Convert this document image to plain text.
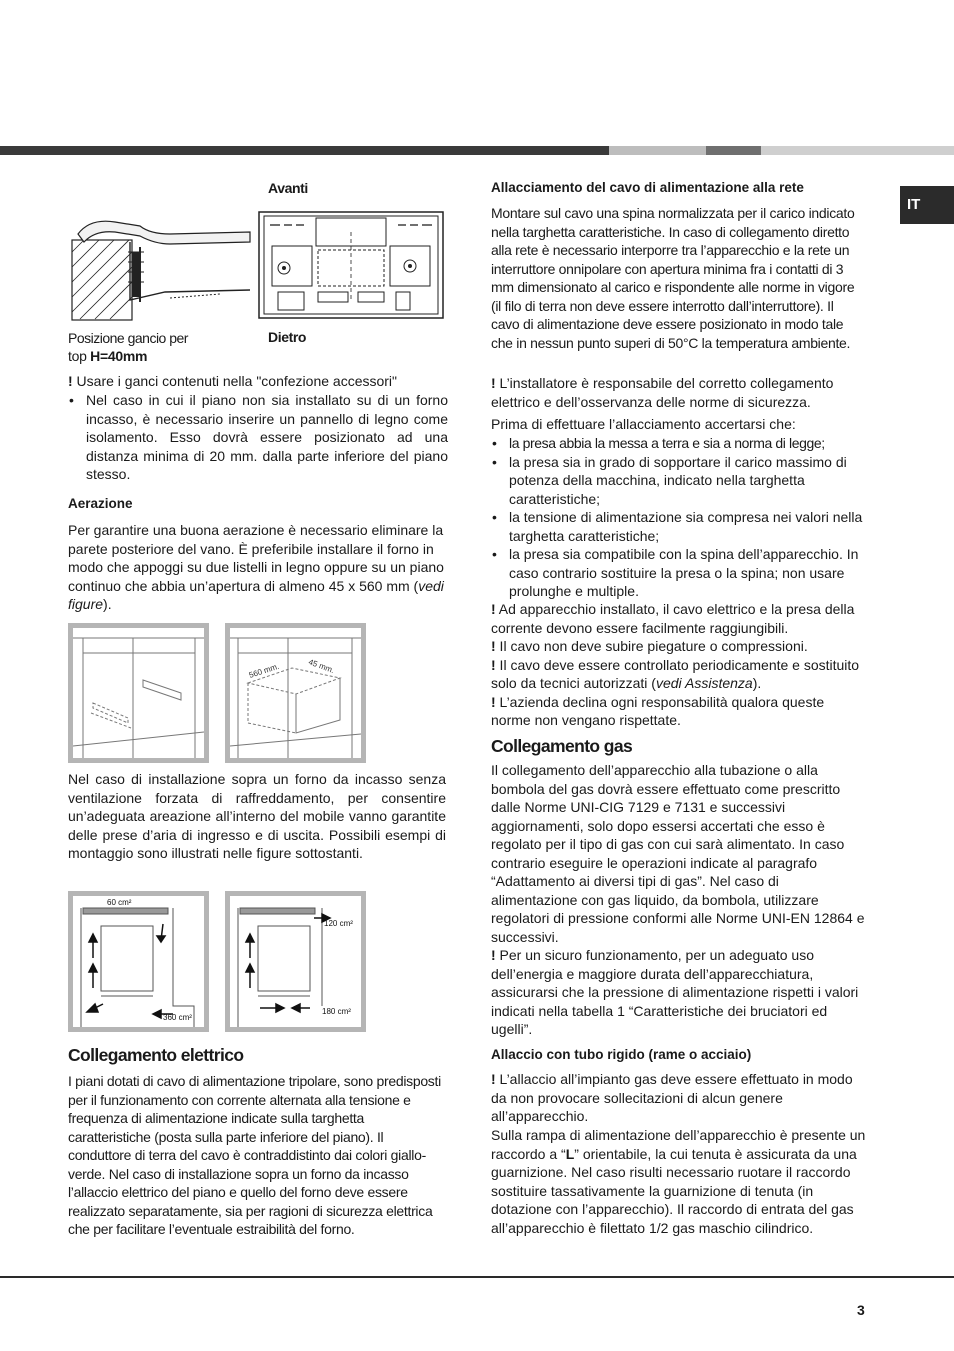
IT
Avanti
Posizione gancio per
top H=40mm
Dietro
! Usare i ganci contenuti nella "confezione accessori"
• Nel caso in cui il piano non sia installato su di un forno incasso, è necessario inserire un pannello di legno come isolamento. Esso dovrà essere posizionato ad una distanza minima di 20 mm. dalla parte inferiore del piano stesso.
Aerazione
Per garantire una buona aerazione è necessario eliminare la parete posteriore del vano. È preferibile installare il forno in modo che appoggi su due listelli in legno oppure su un piano continuo che abbia un’apertura di almeno 45 x 560 mm (vedi figure).
560 mm.	45 mm.
Nel caso di installazione sopra un forno da incasso senza ventilazione forzata di raffreddamento, per consentire un’adeguata areazione all’interno del mobile vanno garantite delle prese d’aria di ingresso e di uscita. Possibili esempi di montaggio sono illustrati nelle figure sottostanti.
60 cm²
360 cm²
120 cm²
180 cm²
Collegamento elettrico
I piani dotati di cavo di alimentazione tripolare, sono predisposti per il funzionamento con corrente alternata alla tensione e frequenza di alimentazione indicate sulla targhetta caratteristiche (posta sulla parte inferiore del piano). Il conduttore di terra del cavo è contraddistinto dai colori giallo-verde. Nel caso di installazione sopra un forno da incasso l’allaccio elettrico del piano e quello del forno deve essere realizzato separatamente, sia per ragioni di sicurezza elettrica che per facilitare l’eventuale estraibilità del forno.
Allacciamento del cavo di alimentazione alla rete
Montare sul cavo una spina normalizzata per il carico indicato nella targhetta caratteristiche. In caso di collegamento diretto alla rete è necessario interporre tra l’apparecchio e la rete un interruttore onnipolare con apertura minima fra i contatti di 3 mm dimensionato al carico e rispondente alle norme in vigore (il filo di terra non deve essere interrotto dall’interruttore). Il cavo di alimentazione deve essere posizionato in modo tale che in nessun punto superi di 50°C la temperatura ambiente.
! L’installatore è responsabile del corretto collegamento elettrico e dell’osservanza delle norme di sicurezza.
Prima di effettuare l’allacciamento accertarsi che:
• la presa abbia la messa a terra e sia a norma di legge;
• la presa sia in grado di sopportare il carico massimo di potenza della macchina, indicato nella targhetta caratteristiche;
• la tensione di alimentazione sia compresa nei valori nella targhetta caratteristiche;
• la presa sia compatibile con la spina dell’apparecchio. In caso contrario sostituire la presa o la spina; non usare prolunghe e multiple.
! Ad apparecchio installato, il cavo elettrico e la presa della corrente devono essere facilmente raggiungibili.
! Il cavo non deve subire piegature o compressioni.
! Il cavo deve essere controllato periodicamente e sostituito solo da tecnici autorizzati (vedi Assistenza).
! L’azienda declina ogni responsabilità qualora queste norme non vengano rispettate.
Collegamento gas
Il collegamento dell’apparecchio alla tubazione o alla bombola del gas dovrà essere effettuato come prescritto dalle Norme UNI-CIG 7129 e 7131 e successivi aggiornamenti, solo dopo essersi accertati che esso è regolato per il tipo di gas con cui sarà alimentato. In caso contrario eseguire le operazioni indicate al paragrafo “Adattamento ai diversi tipi di gas”. Nel caso di alimentazione con gas liquido, da bombola, utilizzare regolatori di pressione conformi alle Norme UNI-EN 12864 e successivi.
! Per un sicuro funzionamento, per un adeguato uso dell’energia e maggiore durata dell’apparecchiatura, assicurarsi che la pressione di alimentazione rispetti i valori indicati nella tabella 1 “Caratteristiche dei bruciatori ed ugelli”.
Allaccio con tubo rigido (rame o acciaio)
! L’allaccio all’impianto gas deve essere effettuato in modo da non provocare sollecitazioni di alcun genere all’apparecchio.
Sulla rampa di alimentazione dell’apparecchio è presente un raccordo a “L” orientabile, la cui tenuta è assicurata da una guarnizione. Nel caso risulti necessario ruotare il raccordo sostituire tassativamente la guarnizione di tenuta (in dotazione con l’apparecchio). Il raccordo di entrata del gas all’apparecchio è filettato 1/2 gas maschio cilindrico.
3
